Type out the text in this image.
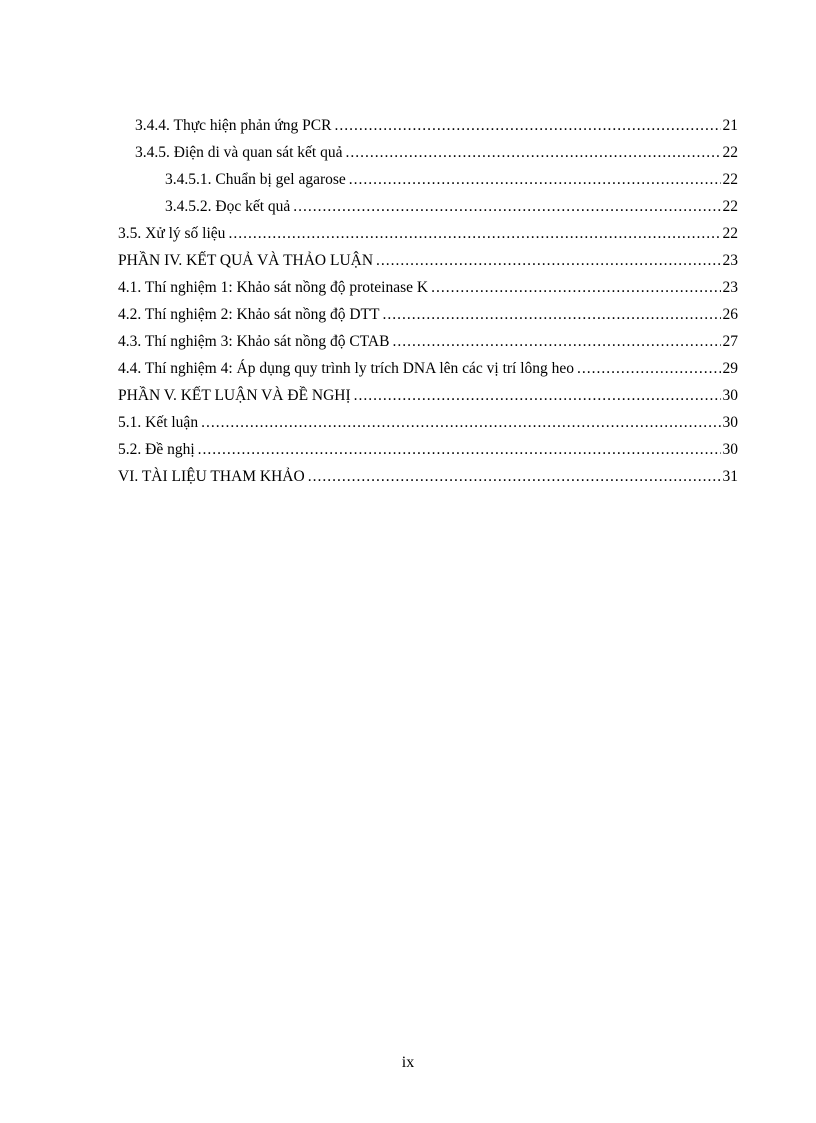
3.4.4. Thực hiện phản ứng PCR .....	21
3.4.5. Điện di và quan sát kết quả .....	22
3.4.5.1. Chuẩn bị gel agarose .....	22
3.4.5.2. Đọc kết quả .....	22
3.5. Xử lý số liệu .....	22
PHẦN IV. KẾT QUẢ VÀ THẢO LUẬN .....	23
4.1. Thí nghiệm 1: Khảo sát nồng độ proteinase K .....	23
4.2. Thí nghiệm 2: Khảo sát nồng độ DTT .....	26
4.3. Thí nghiệm 3: Khảo sát nồng độ CTAB .....	27
4.4. Thí nghiệm 4: Áp dụng quy trình ly trích DNA lên các vị trí lông heo .....	29
PHẦN V. KẾT LUẬN VÀ ĐỀ NGHỊ .....	30
5.1. Kết luận .....	30
5.2. Đề nghị .....	30
VI. TÀI LIỆU THAM KHẢO .....	31
ix
